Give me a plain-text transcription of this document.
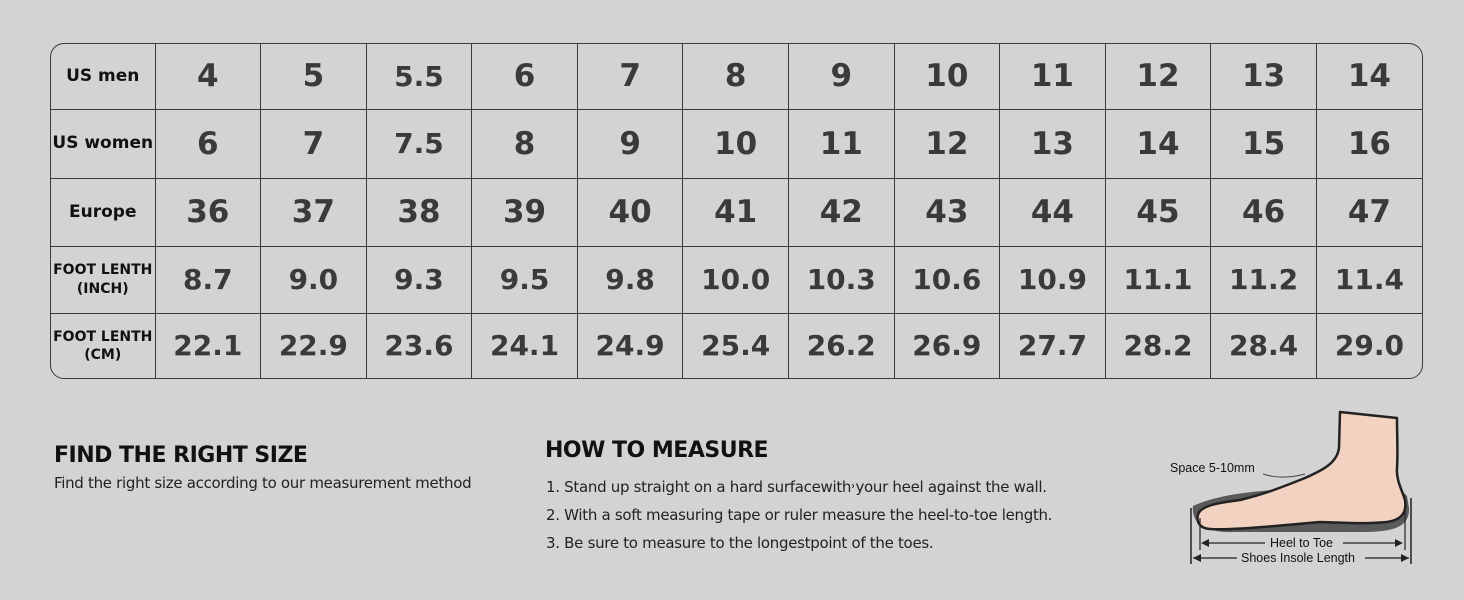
US men	4	5	5.5	6	7	8	9	10	11	12	13	14

US women	6	7	7.5	8	9	10	11	12	13	14	15	16

Europe	36	37	38	39	40	41	42	43	44	45	46	47

FOOT LENTH
(INCH)	8.7	9.0	9.3	9.5	9.8	10.0	10.3	10.6	10.9	11.1	11.2	11.4

FOOT LENTH
(CM)	22.1	22.9	23.6	24.1	24.9	25.4	26.2	26.9	27.7	28.2	28.4	29.0
FIND THE RIGHT SIZE
Find the right size according to our measurement method
HOW TO MEASURE
1. Stand up straight on a hard surfacewith˒your heel against the wall.
2. With a soft measuring tape or ruler measure the heel-to-toe length.
3. Be sure to measure to the longestpoint of the toes.
Space 5-10mm
Heel to Toe
Shoes Insole Length
